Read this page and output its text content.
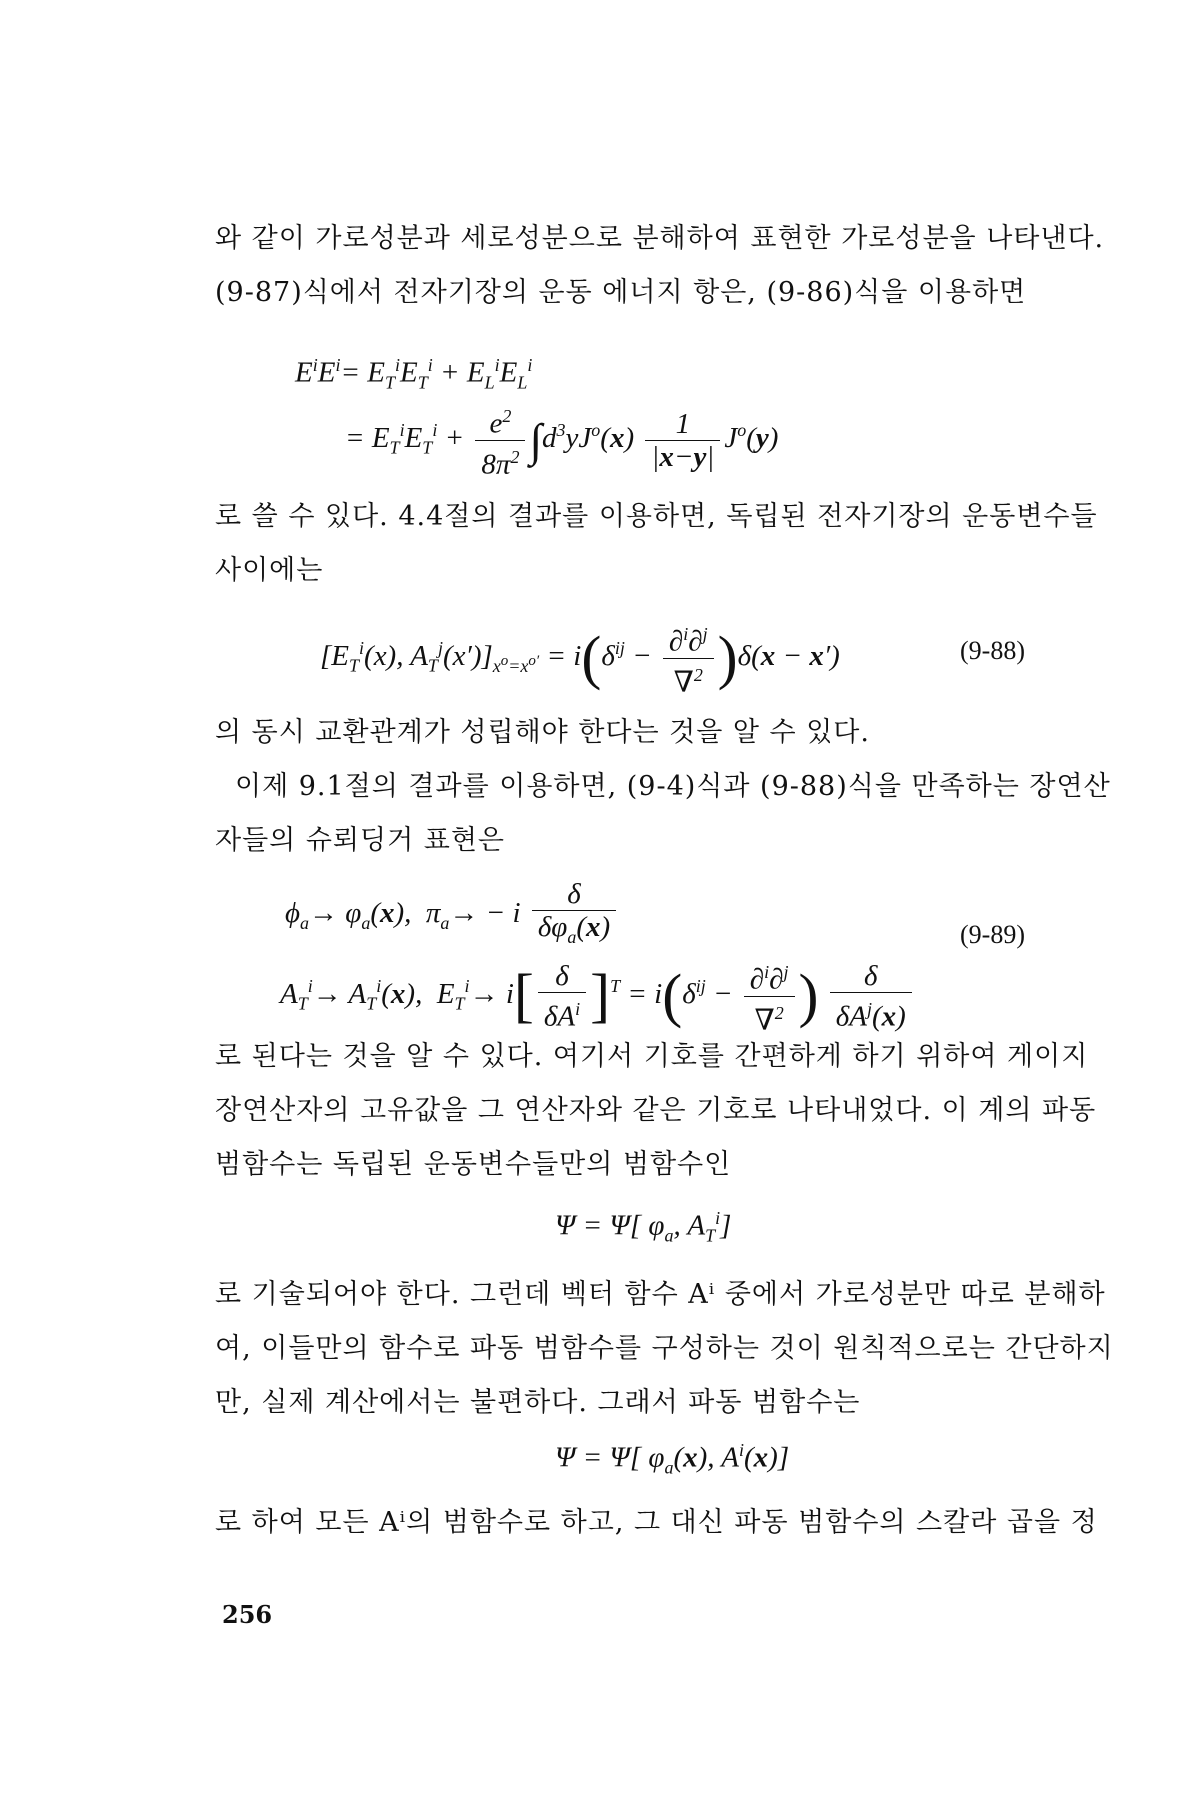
와 같이 가로성분과 세로성분으로 분해하여 표현한 가로성분을 나타낸다.
(9-87)식에서 전자기장의 운동 에너지 항은, (9-86)식을 이용하면
$E^iE^i= E_T^iE_T^i + E_L^iE_L^i$
= $E_T^iE_T^i + \frac{e^2}{8\pi^2} \int d^3yJ^o(x) \frac{1}{|x-y|} J^o(y)$
로 쓸 수 있다. 4.4절의 결과를 이용하면, 독립된 전자기장의 운동변수들
사이에는
[$E_T^i(x)$, $A_T^j(x')]_{x^o=x^{o'}} = i(\delta^{ij} - \frac{\partial^i\partial^j}{\nabla^2} )\delta(x - x')$	(9-88)
의 동시 교환관계가 성립해야 한다는 것을 알 수 있다.
이제 9.1절의 결과를 이용하면, (9-4)식과 (9-88)식을 만족하는 장연산
자들의 슈뢰딩거 표현은
$\phi_a\to \varphi_a(x)$,  $\pi_a\to - i \frac{\delta}{\delta\varphi_a(x)}$
$A_T^i\to A_T^i(x)$,  $E_T^i\to i[ \frac{\delta}{\delta A^i} ]^T = i(\delta^{ij} - \frac{\partial^i\partial^j}{\nabla^2}$ ) $\frac{\delta}{\delta A^j(x)}$
(9-89)
로 된다는 것을 알 수 있다. 여기서 기호를 간편하게 하기 위하여 게이지
장연산자의 고유값을 그 연산자와 같은 기호로 나타내었다. 이 계의 파동
범함수는 독립된 운동변수들만의 범함수인
Ψ = Ψ[ $\varphi_a$, $A_T^i$]
로 기술되어야 한다. 그런데 벡터 함수 Aⁱ 중에서 가로성분만 따로 분해하
여, 이들만의 함수로 파동 범함수를 구성하는 것이 원칙적으로는 간단하지
만, 실제 계산에서는 불편하다. 그래서 파동 범함수는
Ψ = Ψ[ $\varphi_a(x)$, $A^i(x)$]
로 하여 모든 Aⁱ의 범함수로 하고, 그 대신 파동 범함수의 스칼라 곱을 정
256
